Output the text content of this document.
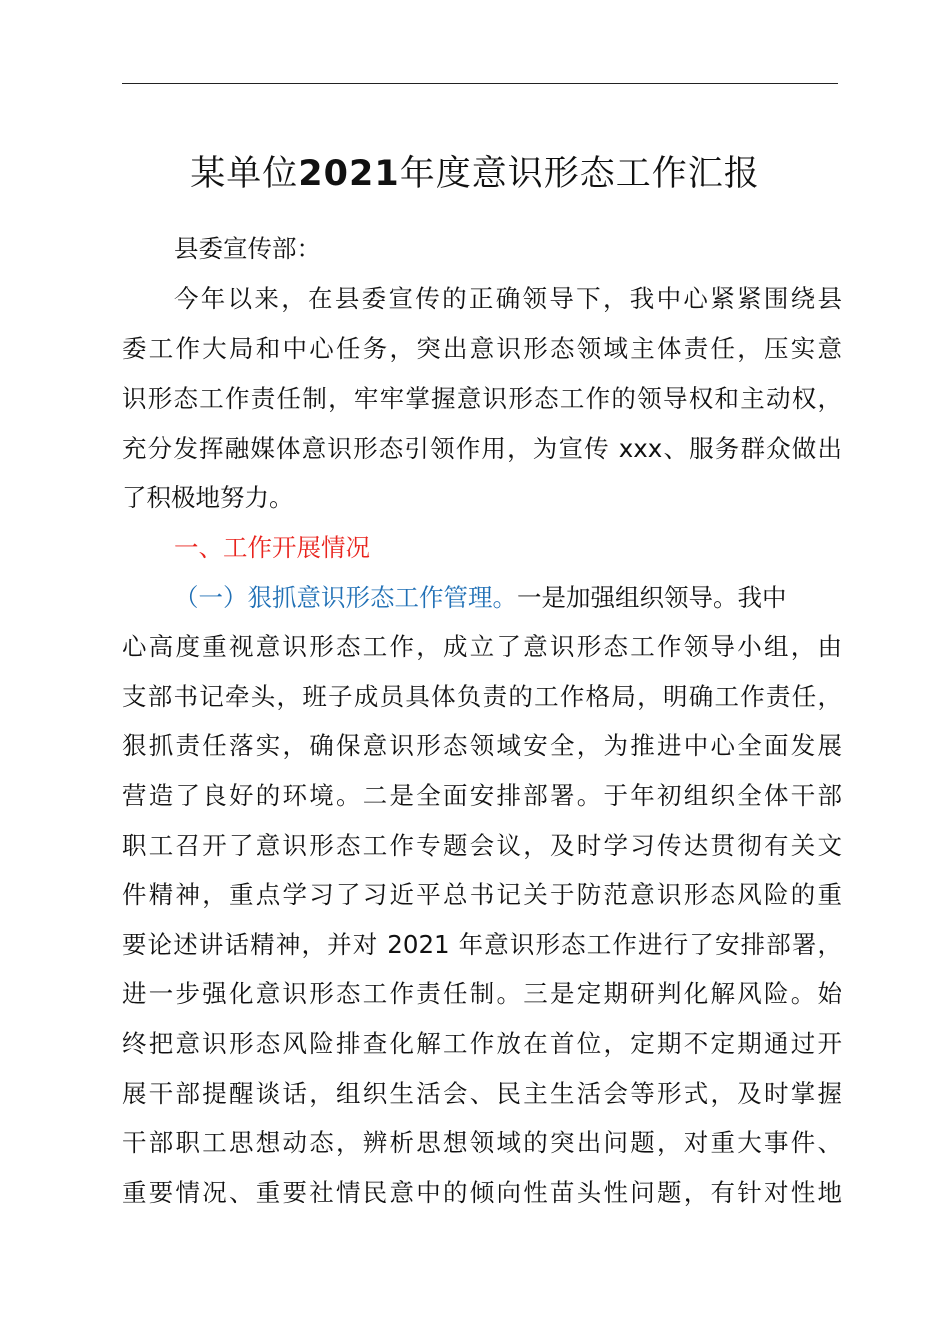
某单位2021年度意识形态工作汇报
县委宣传部：
今年以来，在县委宣传的正确领导下，我中心紧紧围绕县
委工作大局和中心任务，突出意识形态领域主体责任，压实意
识形态工作责任制，牢牢掌握意识形态工作的领导权和主动权，
充分发挥融媒体意识形态引领作用，为宣传 xxx、服务群众做出
了积极地努力。
一、工作开展情况
（一）狠抓意识形态工作管理。一是加强组织领导。我中
心高度重视意识形态工作，成立了意识形态工作领导小组，由
支部书记牵头，班子成员具体负责的工作格局，明确工作责任，
狠抓责任落实，确保意识形态领域安全，为推进中心全面发展
营造了良好的环境。二是全面安排部署。于年初组织全体干部
职工召开了意识形态工作专题会议，及时学习传达贯彻有关文
件精神，重点学习了习近平总书记关于防范意识形态风险的重
要论述讲话精神，并对 2021 年意识形态工作进行了安排部署，
进一步强化意识形态工作责任制。三是定期研判化解风险。始
终把意识形态风险排查化解工作放在首位，定期不定期通过开
展干部提醒谈话，组织生活会、民主生活会等形式，及时掌握
干部职工思想动态，辨析思想领域的突出问题，对重大事件、
重要情况、重要社情民意中的倾向性苗头性问题，有针对性地
